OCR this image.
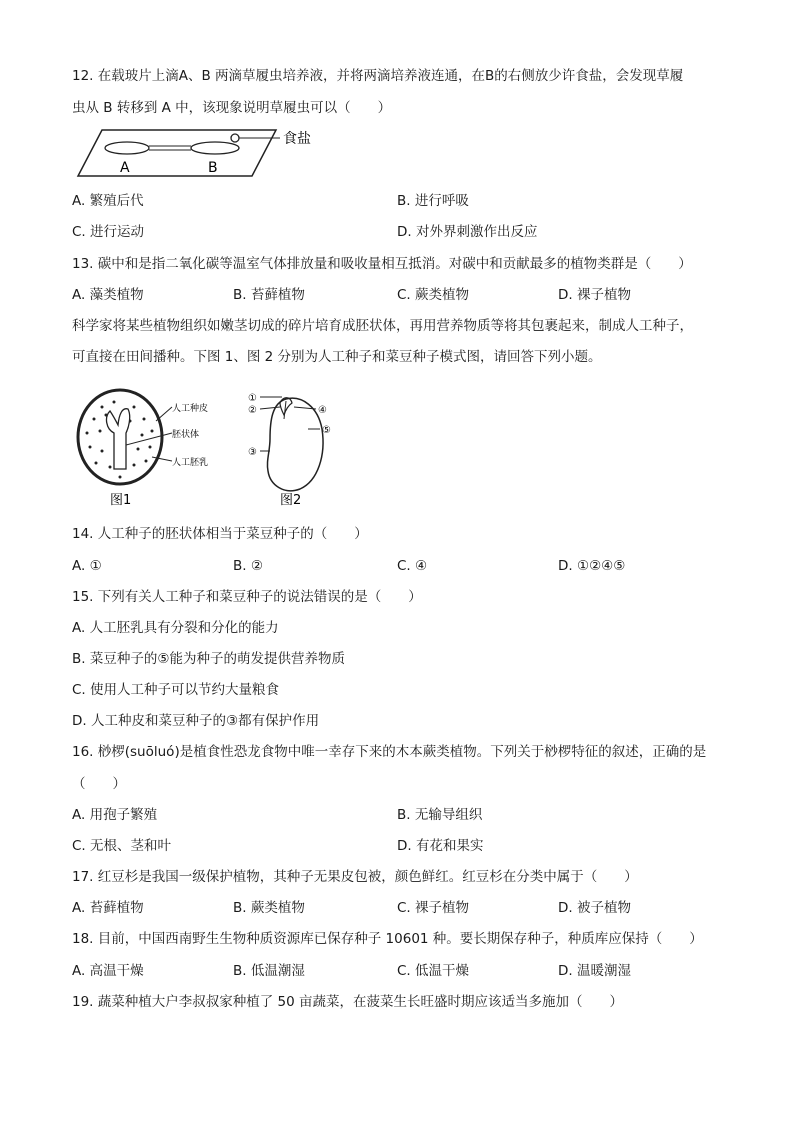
12. 在载玻片上滴A、B 两滴草履虫培养液，并将两滴培养液连通，在B的右侧放少许食盐，会发现草履
虫从 B 转移到 A 中，该现象说明草履虫可以（　　）
食盐
A	B
A. 繁殖后代	B. 进行呼吸
C. 进行运动	D. 对外界刺激作出反应
13. 碳中和是指二氧化碳等温室气体排放量和吸收量相互抵消。对碳中和贡献最多的植物类群是（　　）
A. 藻类植物	B. 苔藓植物	C. 蕨类植物	D. 裸子植物
科学家将某些植物组织如嫩茎切成的碎片培育成胚状体，再用营养物质等将其包裹起来，制成人工种子，
可直接在田间播种。下图 1、图 2 分别为人工种子和菜豆种子模式图，请回答下列小题。
人工种皮
胚状体
人工胚乳
图1
①
②
③
④
⑤
图2
14. 人工种子的胚状体相当于菜豆种子的（　　）
A. ①	B. ②	C. ④	D. ①②④⑤
15. 下列有关人工种子和菜豆种子的说法错误的是（　　）
A. 人工胚乳具有分裂和分化的能力
B. 菜豆种子的⑤能为种子的萌发提供营养物质
C. 使用人工种子可以节约大量粮食
D. 人工种皮和菜豆种子的③都有保护作用
16. 桫椤(suōluó)是植食性恐龙食物中唯一幸存下来的木本蕨类植物。下列关于桫椤特征的叙述，正确的是
（　　）
A. 用孢子繁殖	B. 无输导组织
C. 无根、茎和叶	D. 有花和果实
17. 红豆杉是我国一级保护植物，其种子无果皮包被，颜色鲜红。红豆杉在分类中属于（　　）
A. 苔藓植物	B. 蕨类植物	C. 裸子植物	D. 被子植物
18. 目前，中国西南野生生物种质资源库已保存种子 10601 种。要长期保存种子，种质库应保持（　　）
A. 高温干燥	B. 低温潮湿	C. 低温干燥	D. 温暖潮湿
19. 蔬菜种植大户李叔叔家种植了 50 亩蔬菜，在菠菜生长旺盛时期应该适当多施加（　　）
